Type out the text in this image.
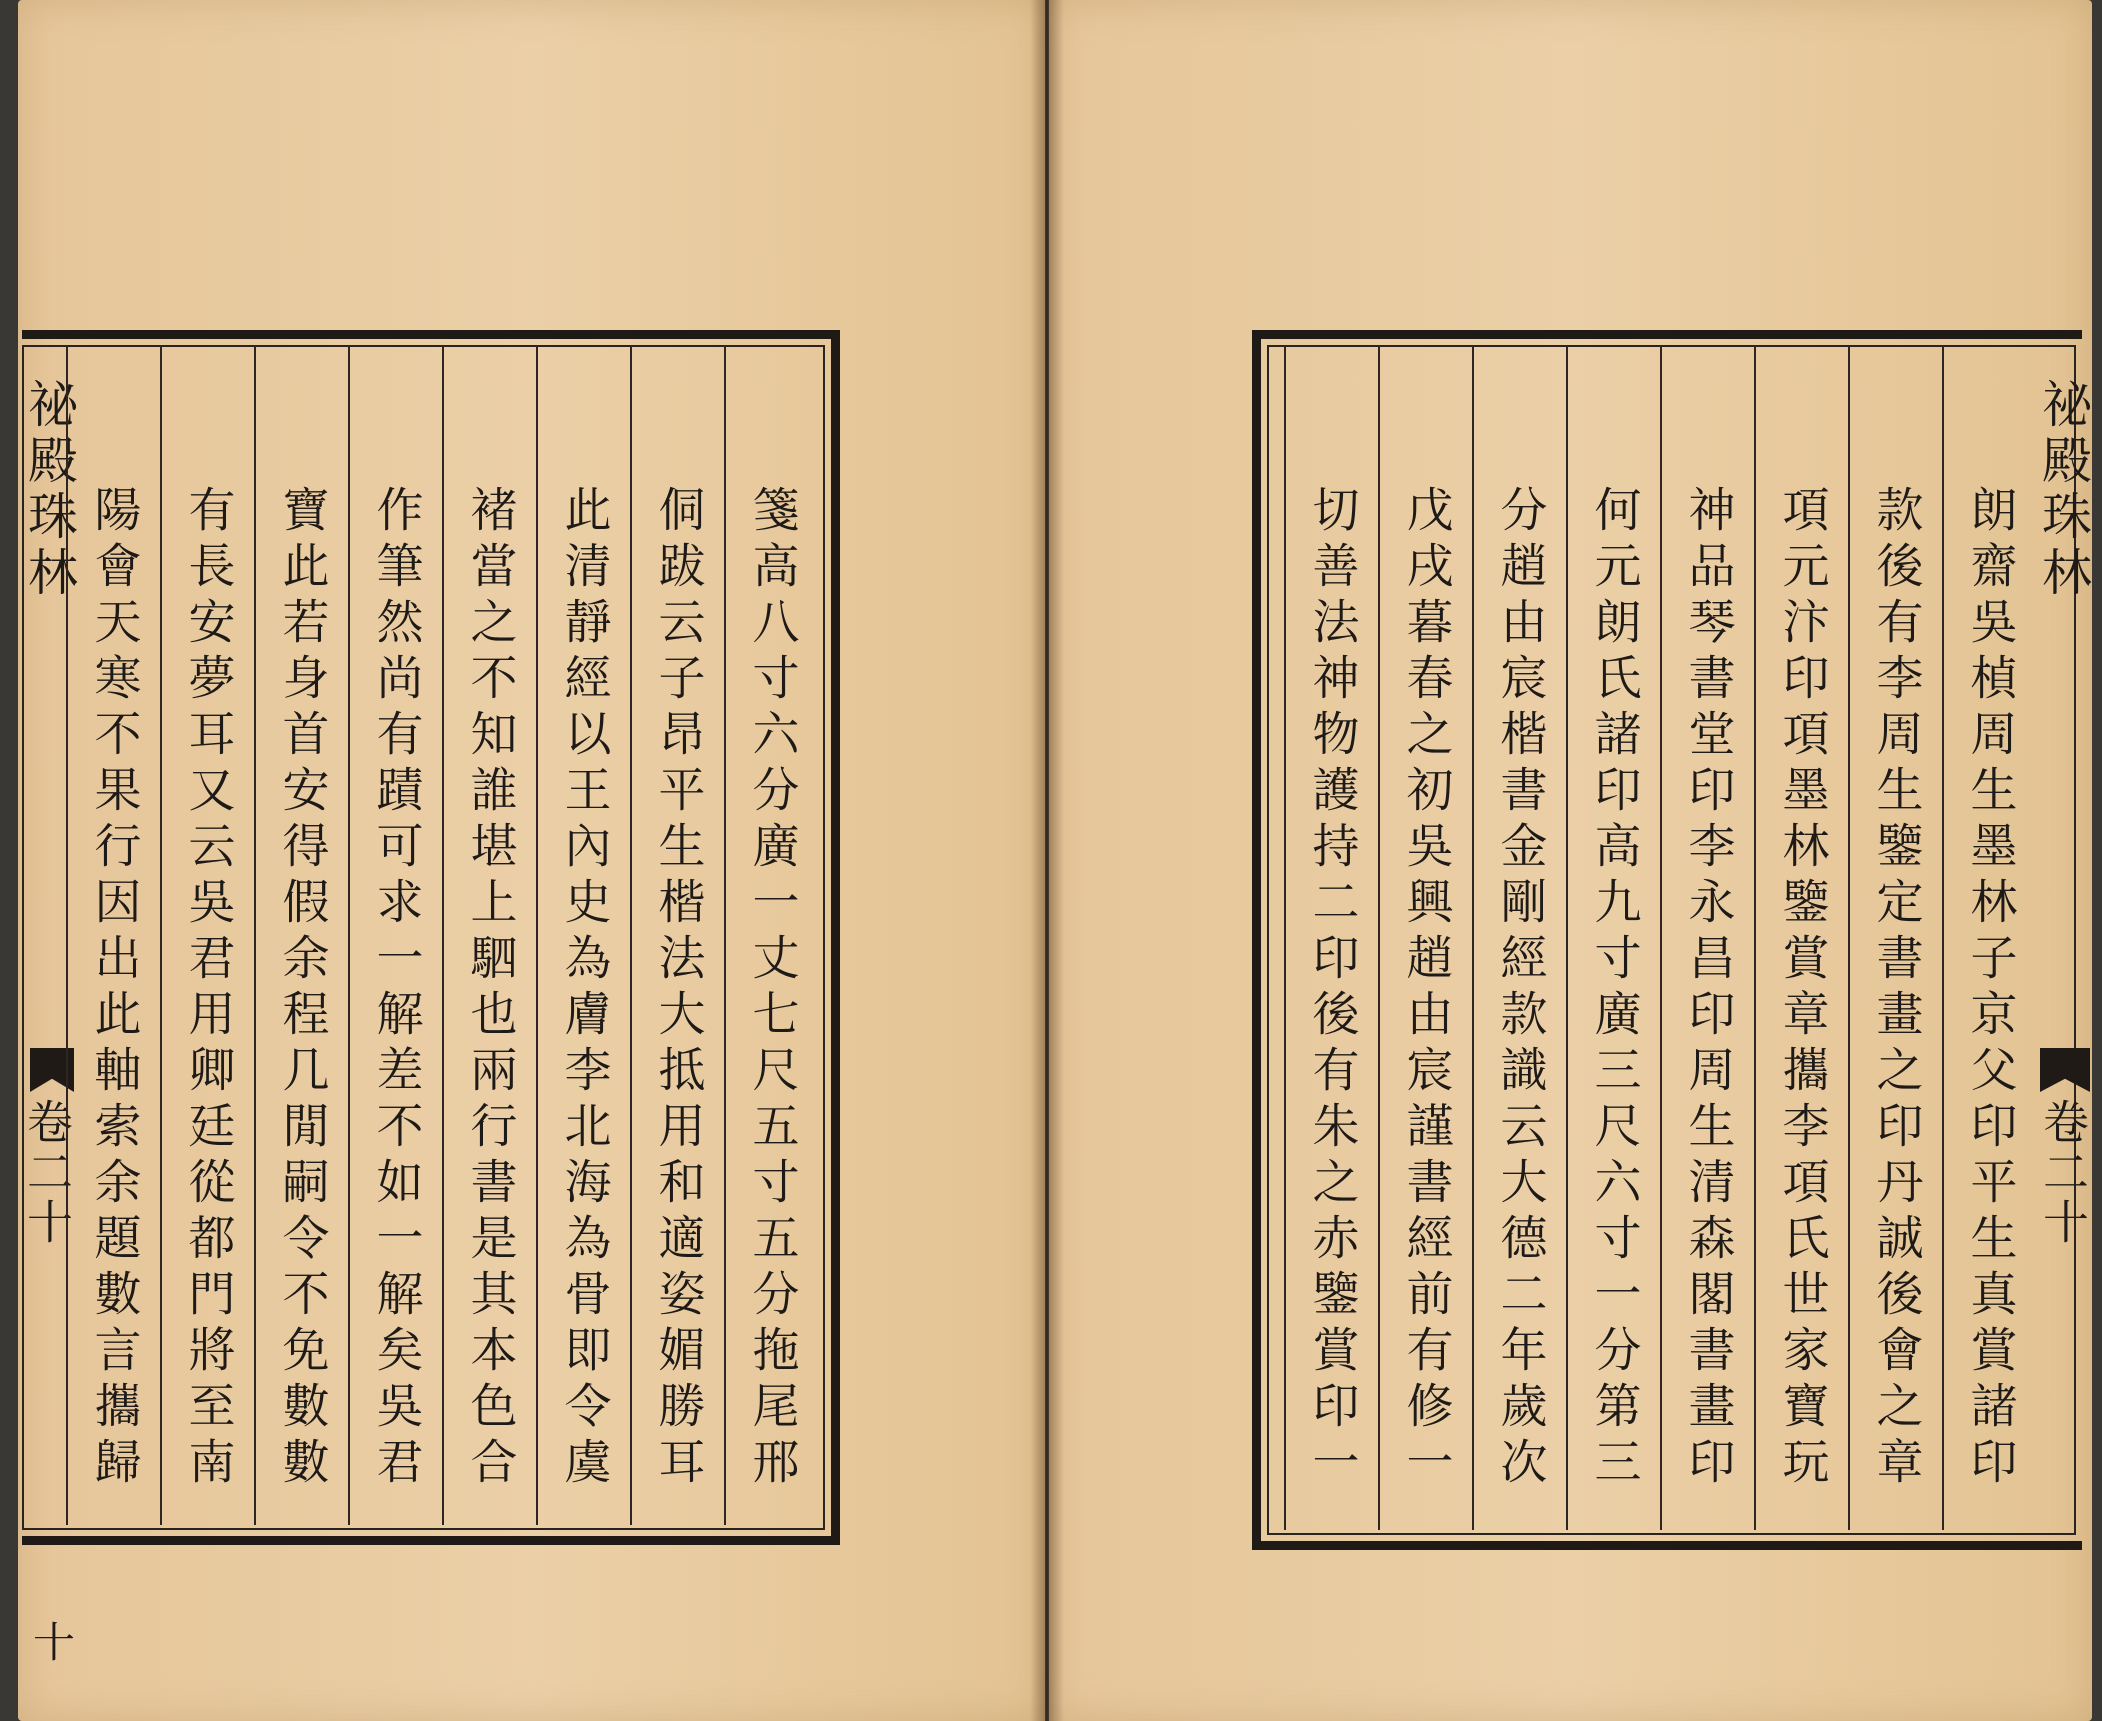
祕殿珠林
卷二十
十
箋高八寸六分廣一丈七尺五寸五分拖尾邢
侗跋云子昂平生楷法大抵用和適姿媚勝耳
此清靜經以王內史為膚李北海為骨即令虞
褚當之不知誰堪上駟也兩行書是其本色合
作筆然尚有蹟可求一解差不如一解矣吳君
寶此若身首安得假余程几閒嗣令不免數數
有長安夢耳又云吳君用卿廷從都門將至南
陽會天寒不果行因出此軸索余題數言攜歸	祕殿珠林
卷二十
朗齋吳楨周生墨林子京父印平生真賞諸印
款後有李周生鑒定書畫之印丹誠後會之章
項元汴印項墨林鑒賞章攜李項氏世家寶玩
神品琴書堂印李永昌印周生清森閣書畫印
何元朗氏諸印高九寸廣三尺六寸一分第三
分趙由宸楷書金剛經款識云大德二年歲次
戊戌暮春之初吳興趙由宸謹書經前有修一
切善法神物護持二印後有朱之赤鑒賞印一
